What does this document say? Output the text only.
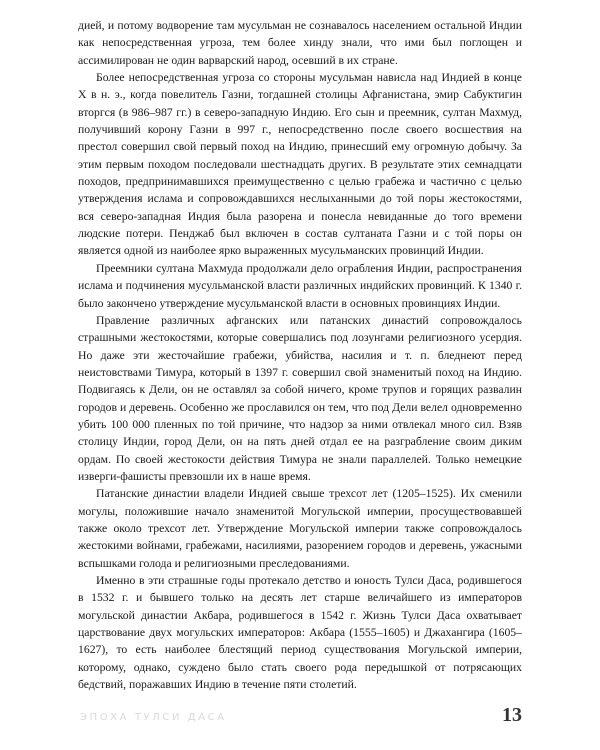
дией, и потому водворение там мусульман не сознавалось населением остальной Индии как непосредственная угроза, тем более хинду знали, что ими был поглощен и ассимилирован не один варварский народ, осевший в их стране.

Более непосредственная угроза со стороны мусульман нависла над Индией в конце X в н. э., когда повелитель Газни, тогдашней столицы Афганистана, эмир Сабуктигин вторгся (в 986–987 гг.) в северо-западную Индию. Его сын и преемник, султан Махмуд, получивший корону Газни в 997 г., непосредственно после своего восшествия на престол совершил свой первый поход на Индию, принесший ему огромную добычу. За этим первым походом последовали шестнадцать других. В результате этих семнадцати походов, предпринимавшихся преимущественно с целью грабежа и частично с целью утверждения ислама и сопровождавшихся неслыханными до той поры жестокостями, вся северо-западная Индия была разорена и понесла невиданные до того времени людские потери. Пенджаб был включен в состав султаната Газни и с той поры он является одной из наиболее ярко выраженных мусульманских провинций Индии.

Преемники султана Махмуда продолжали дело ограбления Индии, распространения ислама и подчинения мусульманской власти различных индийских провинций. К 1340 г. было закончено утверждение мусульманской власти в основных провинциях Индии.

Правление различных афганских или патанских династий сопровождалось страшными жестокостями, которые совершались под лозунгами религиозного усердия. Но даже эти жесточайшие грабежи, убийства, насилия и т. п. бледнеют перед неистовствами Тимура, который в 1397 г. совершил свой знаменитый поход на Индию. Подвигаясь к Дели, он не оставлял за собой ничего, кроме трупов и горящих развалин городов и деревень. Особенно же прославился он тем, что под Дели велел одновременно убить 100 000 пленных по той причине, что надзор за ними отвлекал много сил. Взяв столицу Индии, город Дели, он на пять дней отдал ее на разграбление своим диким ордам. По своей жестокости действия Тимура не знали параллелей. Только немецкие изверги-фашисты превзошли их в наше время.

Патанские династии владели Индией свыше трехсот лет (1205–1525). Их сменили могулы, положившие начало знаменитой Могульской империи, просуществовавшей также около трехсот лет. Утверждение Могульской империи также сопровождалось жестокими войнами, грабежами, насилиями, разорением городов и деревень, ужасными вспышками голода и религиозными преследованиями.

Именно в эти страшные годы протекало детство и юность Тулси Даса, родившегося в 1532 г. и бывшего только на десять лет старше величайшего из императоров могульской династии Акбара, родившегося в 1542 г. Жизнь Тулси Даса охватывает царствование двух могульских императоров: Акбара (1555–1605) и Джахангира (1605–1627), то есть наиболее блестящий период существования Могульской империи, которому, однако, суждено было стать своего рода передышкой от потрясающих бедствий, поражавших Индию в течение пяти столетий.

ЭПОХА ТУЛСИ ДАСА	13
